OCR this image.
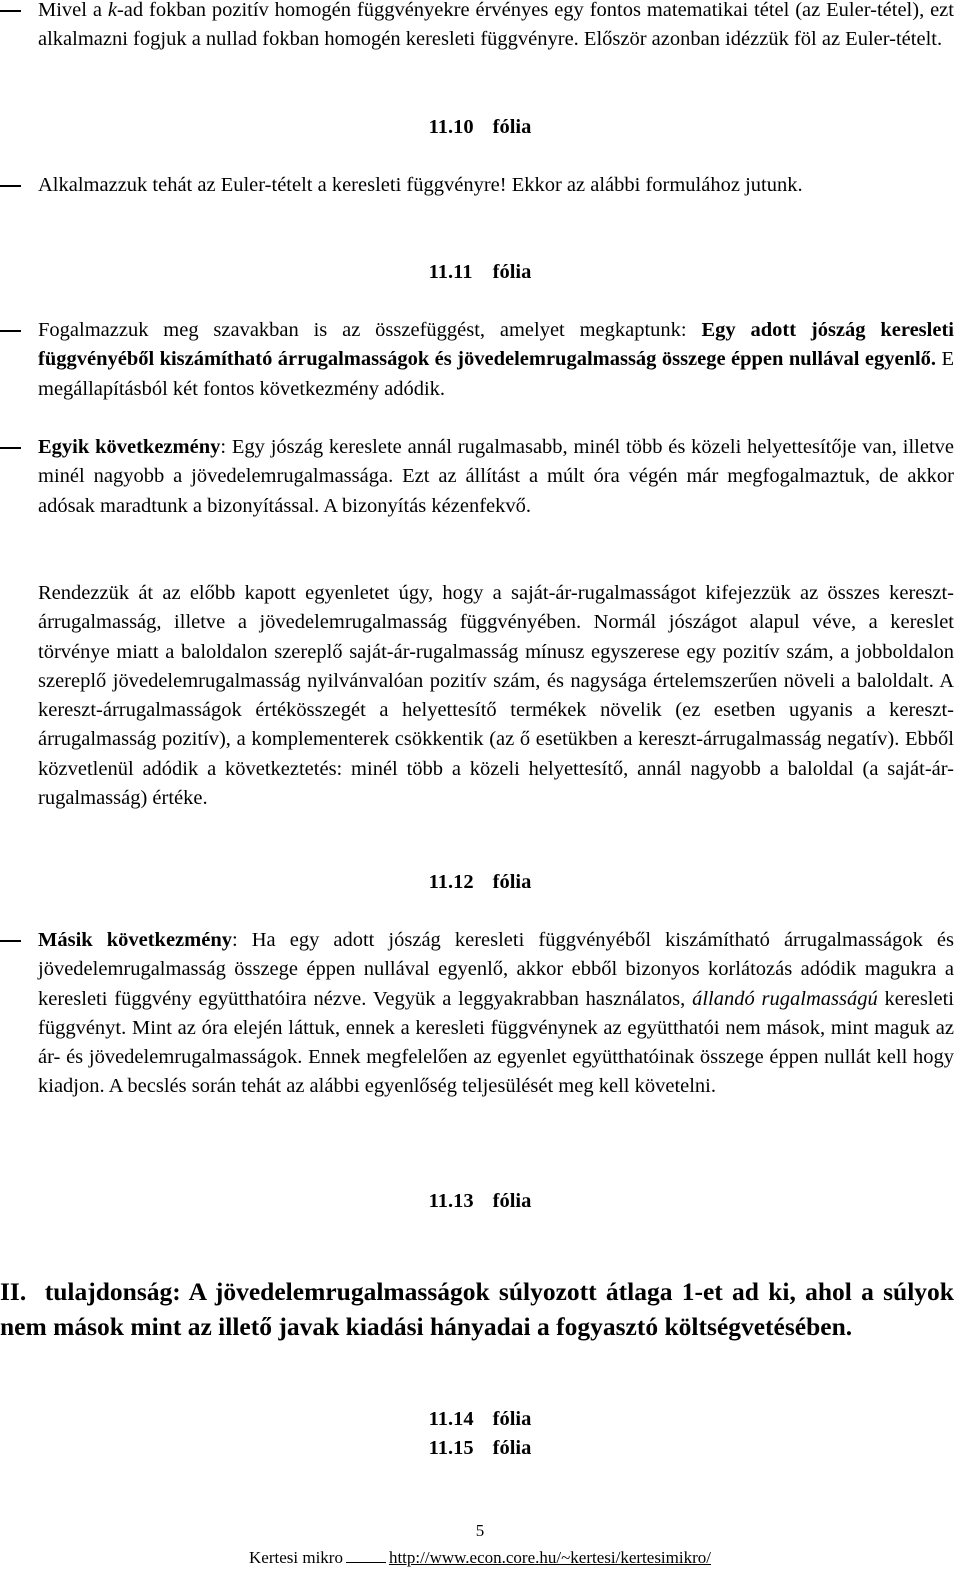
Mivel a k-ad fokban pozitív homogén függvényekre érvényes egy fontos matematikai tétel (az Euler-tétel), ezt alkalmazni fogjuk a nullad fokban homogén keresleti függvényre. Először azonban idézzük föl az Euler-tételt.

11.10 fólia

Alkalmazzuk tehát az Euler-tételt a keresleti függvényre! Ekkor az alábbi formulához jutunk.

11.11 fólia

Fogalmazzuk meg szavakban is az összefüggést, amelyet megkaptunk: Egy adott jószág keresleti függvényéből kiszámítható árrugalmasságok és jövedelemrugalmasság összege éppen nullával egyenlő. E megállapításból két fontos következmény adódik.

Egyik következmény: Egy jószág kereslete annál rugalmasabb, minél több és közeli helyettesítője van, illetve minél nagyobb a jövedelemrugalmassága. Ezt az állítást a múlt óra végén már megfogalmaztuk, de akkor adósak maradtunk a bizonyítással. A bizonyítás kézenfekvő.

Rendezzük át az előbb kapott egyenletet úgy, hogy a saját-ár-rugalmasságot kifejezzük az összes kereszt-árrugalmasság, illetve a jövedelemrugalmasság függvényében. Normál jószágot alapul véve, a kereslet törvénye miatt a baloldalon szereplő saját-ár-rugalmasság mínusz egyszerese egy pozitív szám, a jobboldalon szereplő jövedelemrugalmasság nyilvánvalóan pozitív szám, és nagysága értelemszerűen növeli a baloldalt. A kereszt-árrugalmasságok értékösszegét a helyettesítő termékek növelik (ez esetben ugyanis a kereszt-árrugalmasság pozitív), a komplementerek csökkentik (az ő esetükben a kereszt-árrugalmasság negatív). Ebből közvetlenül adódik a következtetés: minél több a közeli helyettesítő, annál nagyobb a baloldal (a saját-ár-rugalmasság) értéke.

11.12 fólia

Másik következmény: Ha egy adott jószág keresleti függvényéből kiszámítható árrugalmasságok és jövedelemrugalmasság összege éppen nullával egyenlő, akkor ebből bizonyos korlátozás adódik magukra a keresleti függvény együtthatóira nézve. Vegyük a leggyakrabban használatos, állandó rugalmasságú keresleti függvényt. Mint az óra elején láttuk, ennek a keresleti függvénynek az együtthatói nem mások, mint maguk az ár- és jövedelemrugalmasságok. Ennek megfelelően az egyenlet együtthatóinak összege éppen nullát kell hogy kiadjon. A becslés során tehát az alábbi egyenlőség teljesülését meg kell követelni.

11.13 fólia

II. tulajdonság: A jövedelemrugalmasságok súlyozott átlaga 1-et ad ki, ahol a súlyok nem mások mint az illető javak kiadási hányadai a fogyasztó költségvetésében.

11.14 fólia

11.15 fólia

5
Kertesi mikro	http://www.econ.core.hu/~kertesi/kertesimikro/
